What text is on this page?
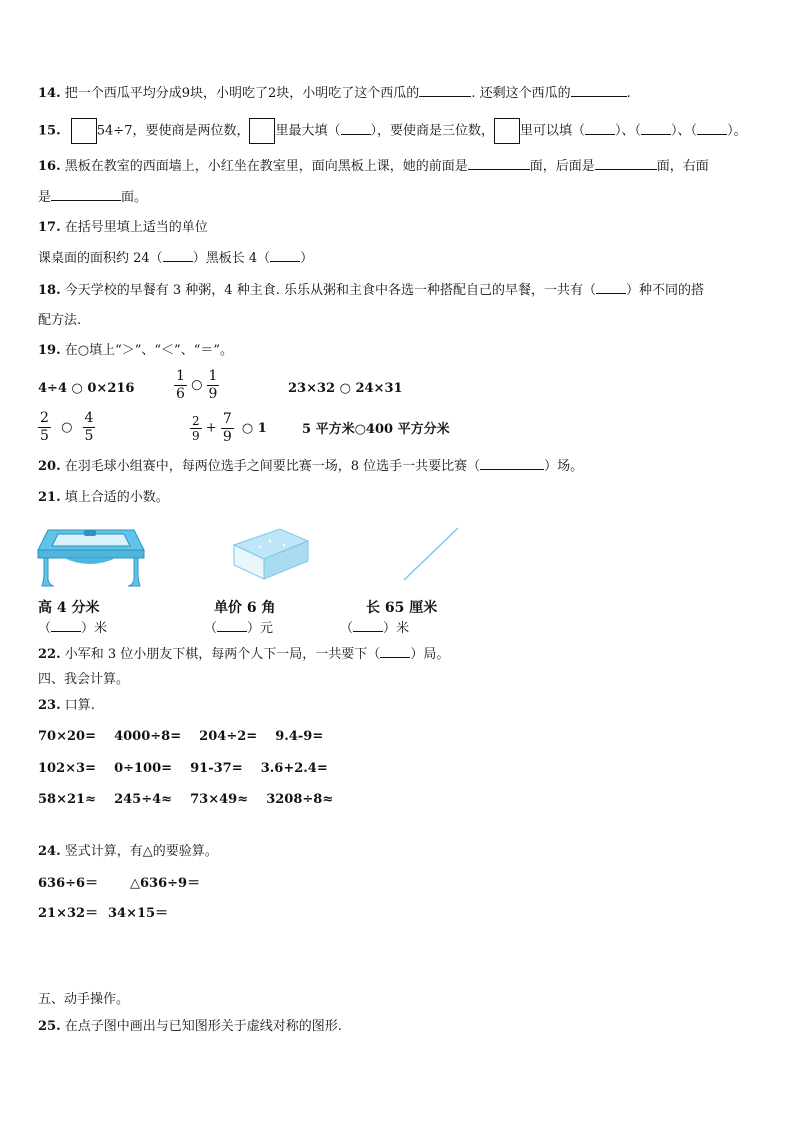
14. 把一个西瓜平均分成9块，小明吃了2块，小明吃了这个西瓜的	. 还剩这个西瓜的	.
15.	54÷7，要使商是两位数， 里最大填（ ），要使商是三位数， 里可以填（ ）、（ ）、（ ）。
16. 黑板在教室的西面墙上，小红坐在教室里，面向黑板上课，她的前面是	面，后面是	面，右面
是	面。
17. 在括号里填上适当的单位
课桌面的面积约 24（ ）黑板长 4（ ）
18. 今天学校的早餐有 3 种粥，4 种主食. 乐乐从粥和主食中各选一种搭配自己的早餐，一共有（ ）种不同的搭
配方法.
19. 在○填上“＞”、“＜”、“＝”。
4÷4 ○ 0×216	$\frac{1}{6}$ ○ $\frac{1}{9}$	23×32 ○ 24×31
$\frac{2}{5}$ ○ $\frac{4}{5}$	$\frac{2}{9} + \frac{7}{9}$ ○ 1	5 平方米○400 平方分米
20. 在羽毛球小组赛中，每两位选手之间要比赛一场，8 位选手一共要比赛（	）场。
21. 填上合适的小数。
高 4 分米
（ ）米
单价 6 角
（ ）元
长 65 厘米
（ ）米
22. 小军和 3 位小朋友下棋，每两个人下一局，一共要下（ ）局。
四、我会计算。
23. 口算.
70×20=    4000÷8=    204÷2=    9.4-9=
102×3=    0÷100=    91-37=    3.6+2.4=
58×21≈    245÷4≈    73×49≈    3208÷8≈
24. 竖式计算，有△的要验算。
636÷6＝ △636÷9＝
21×32＝ 34×15＝
五、动手操作。
25. 在点子图中画出与已知图形关于虚线对称的图形.
